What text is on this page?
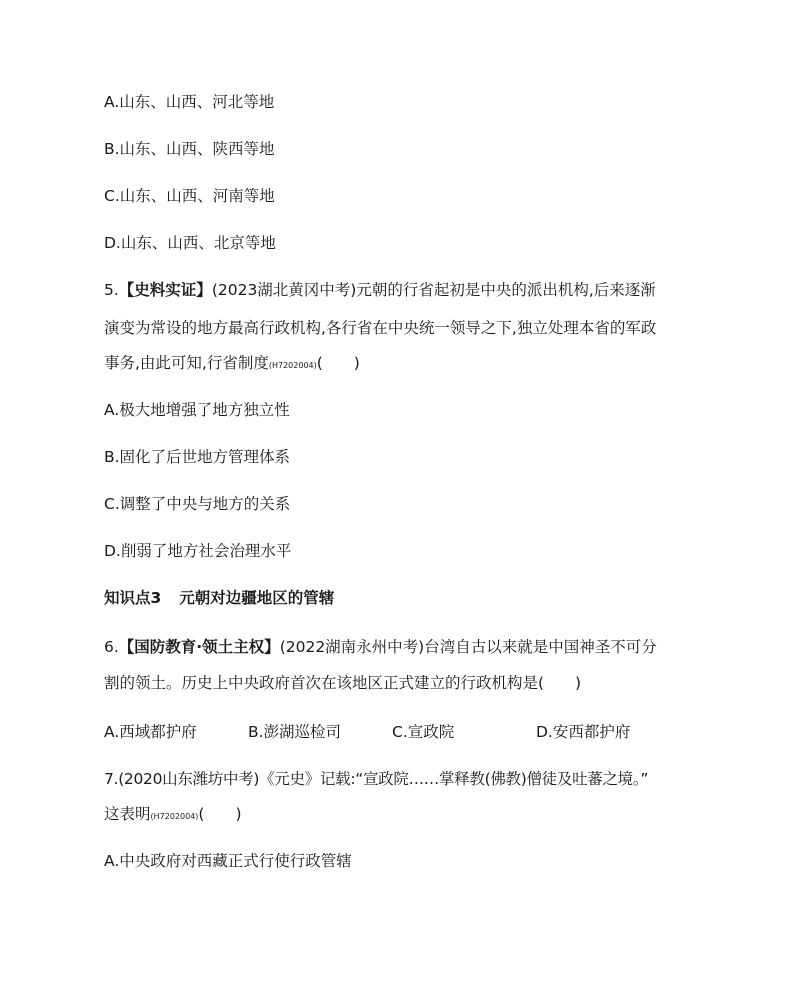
A.山东、山西、河北等地
B.山东、山西、陕西等地
C.山东、山西、河南等地
D.山东、山西、北京等地
5.【史料实证】(2023湖北黄冈中考)元朝的行省起初是中央的派出机构,后来逐渐
演变为常设的地方最高行政机构,各行省在中央统一领导之下,独立处理本省的军政
事务,由此可知,行省制度(H7202004)(　　)
A.极大地增强了地方独立性
B.固化了后世地方管理体系
C.调整了中央与地方的关系
D.削弱了地方社会治理水平
知识点3 元朝对边疆地区的管辖
6.【国防教育·领土主权】(2022湖南永州中考)台湾自古以来就是中国神圣不可分
割的领土。历史上中央政府首次在该地区正式建立的行政机构是(　　)
A.西域都护府	B.澎湖巡检司	C.宣政院	D.安西都护府
7.(2020山东潍坊中考)《元史》记载:“宣政院……掌释教(佛教)僧徒及吐蕃之境。”
这表明(H7202004)(　　)
A.中央政府对西藏正式行使行政管辖
